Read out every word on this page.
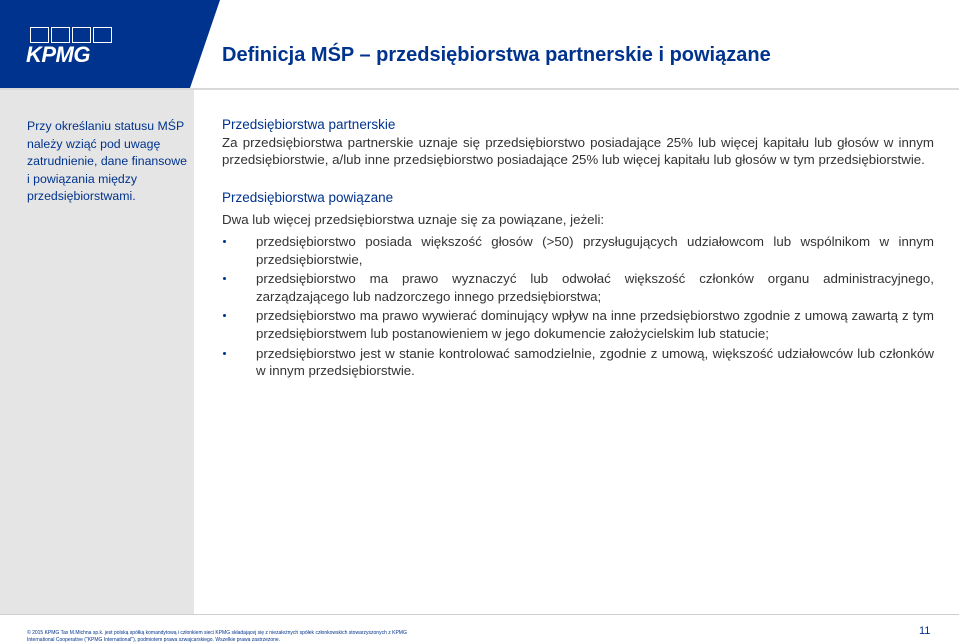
KPMG	Definicja MŚP – przedsiębiorstwa partnerskie i powiązane
Przy określaniu statusu MŚP należy wziąć pod uwagę zatrudnienie, dane finansowe i powiązania między przedsiębiorstwami.
Przedsiębiorstwa partnerskie

Za przedsiębiorstwa partnerskie uznaje się przedsiębiorstwo posiadające 25% lub więcej kapitału lub głosów w innym przedsiębiorstwie, a/lub inne przedsiębiorstwo posiadające 25% lub więcej kapitału lub głosów w tym przedsiębiorstwie.

Przedsiębiorstwa powiązane

Dwa lub więcej przedsiębiorstwa uznaje się za powiązane, jeżeli:

przedsiębiorstwo posiada większość głosów (>50) przysługujących udziałowcom lub wspólnikom w innym przedsiębiorstwie,
przedsiębiorstwo ma prawo wyznaczyć lub odwołać większość członków organu administracyjnego, zarządzającego lub nadzorczego innego przedsiębiorstwa;
przedsiębiorstwo ma prawo wywierać dominujący wpływ na inne przedsiębiorstwo zgodnie z umową zawartą z tym przedsiębiorstwem lub postanowieniem w jego dokumencie założycielskim lub statucie;
przedsiębiorstwo jest w stanie kontrolować samodzielnie, zgodnie z umową, większość udziałowców lub członków w innym przedsiębiorstwie.
© 2015 KPMG Tax M.Michna sp.k. jest polską spółką komandytową i członkiem sieci KPMG składającej się z niezależnych spółek członkowskich stowarzyszonych z KPMG International Cooperative ("KPMG International"), podmiotem prawa szwajcarskiego. Wszelkie prawa zastrzeżone.
11
